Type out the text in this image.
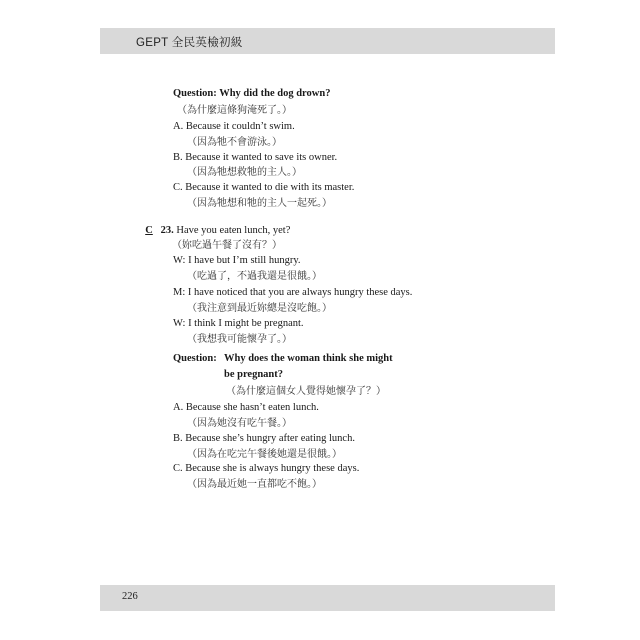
GEPT 全民英檢初級
Question: Why did the dog drown?
（為什麼這條狗淹死了。）
A. Because it couldn’t swim.
（因為牠不會游泳。）
B. Because it wanted to save its owner.
（因為牠想救牠的主人。）
C. Because it wanted to die with its master.
（因為牠想和牠的主人一起死。）
C 23. Have you eaten lunch, yet?
（妳吃過午餐了沒有？）
W: I have but I’m still hungry.
（吃過了，不過我還是很餓。）
M: I have noticed that you are always hungry these days.
（我注意到最近妳總是沒吃飽。）
W: I think I might be pregnant.
（我想我可能懷孕了。）
Question: Why does the woman think she might
be pregnant?
（為什麼這個女人覺得她懷孕了？）
A. Because she hasn’t eaten lunch.
（因為她沒有吃午餐。）
B. Because she’s hungry after eating lunch.
（因為在吃完午餐後她還是很餓。）
C. Because she is always hungry these days.
（因為最近她一直都吃不飽。）
226
